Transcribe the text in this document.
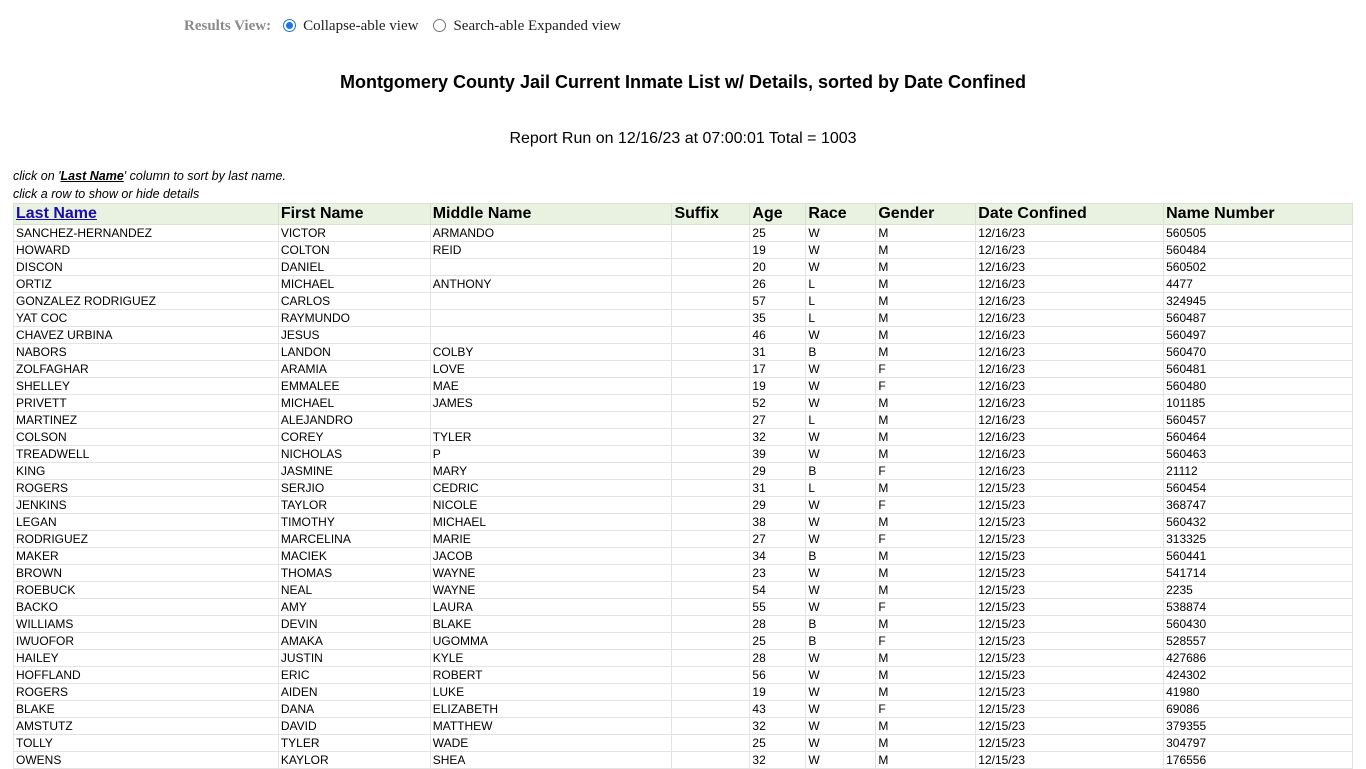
Results View: Collapse-able view Search-able Expanded view
Montgomery County Jail Current Inmate List w/ Details, sorted by Date Confined
Report Run on 12/16/23 at 07:00:01 Total = 1003
click on 'Last Name' column to sort by last name.
click a row to show or hide details
Last Name	First Name	Middle Name	Suffix	Age	Race	Gender	Date Confined	Name Number
SANCHEZ-HERNANDEZ	VICTOR	ARMANDO		25	W	M	12/16/23	560505
HOWARD	COLTON	REID		19	W	M	12/16/23	560484
DISCON	DANIEL			20	W	M	12/16/23	560502
ORTIZ	MICHAEL	ANTHONY		26	L	M	12/16/23	4477
GONZALEZ RODRIGUEZ	CARLOS			57	L	M	12/16/23	324945
YAT COC	RAYMUNDO			35	L	M	12/16/23	560487
CHAVEZ URBINA	JESUS			46	W	M	12/16/23	560497
NABORS	LANDON	COLBY		31	B	M	12/16/23	560470
ZOLFAGHAR	ARAMIA	LOVE		17	W	F	12/16/23	560481
SHELLEY	EMMALEE	MAE		19	W	F	12/16/23	560480
PRIVETT	MICHAEL	JAMES		52	W	M	12/16/23	101185
MARTINEZ	ALEJANDRO			27	L	M	12/16/23	560457
COLSON	COREY	TYLER		32	W	M	12/16/23	560464
TREADWELL	NICHOLAS	P		39	W	M	12/16/23	560463
KING	JASMINE	MARY		29	B	F	12/16/23	21112
ROGERS	SERJIO	CEDRIC		31	L	M	12/15/23	560454
JENKINS	TAYLOR	NICOLE		29	W	F	12/15/23	368747
LEGAN	TIMOTHY	MICHAEL		38	W	M	12/15/23	560432
RODRIGUEZ	MARCELINA	MARIE		27	W	F	12/15/23	313325
MAKER	MACIEK	JACOB		34	B	M	12/15/23	560441
BROWN	THOMAS	WAYNE		23	W	M	12/15/23	541714
ROEBUCK	NEAL	WAYNE		54	W	M	12/15/23	2235
BACKO	AMY	LAURA		55	W	F	12/15/23	538874
WILLIAMS	DEVIN	BLAKE		28	B	M	12/15/23	560430
IWUOFOR	AMAKA	UGOMMA		25	B	F	12/15/23	528557
HAILEY	JUSTIN	KYLE		28	W	M	12/15/23	427686
HOFFLAND	ERIC	ROBERT		56	W	M	12/15/23	424302
ROGERS	AIDEN	LUKE		19	W	M	12/15/23	41980
BLAKE	DANA	ELIZABETH		43	W	F	12/15/23	69086
AMSTUTZ	DAVID	MATTHEW		32	W	M	12/15/23	379355
TOLLY	TYLER	WADE		25	W	M	12/15/23	304797
OWENS	KAYLOR	SHEA		32	W	M	12/15/23	176556
